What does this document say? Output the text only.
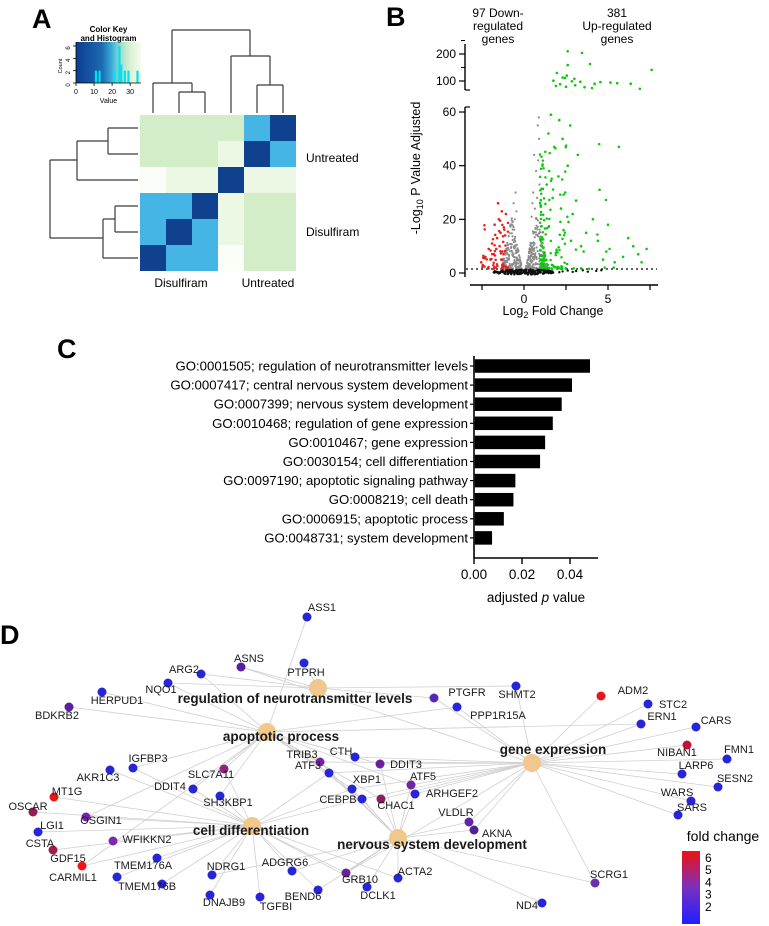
A	B
C
D
0 10 20 30
Value
0
2
4
6
Count
Color Key
and Histogram
Untreated
Disulfiram
Disulfiram	Untreated
0
20
40
60
100
200
0	5
-Log$_{10}$ P Value Adjusted
Log$_2$ Fold Change
97 Down-
regulated
genes
381
Up-regulated
genes
0.00 0.02 0.04
adjusted p value
GO:0001505; regulation of neurotransmitter levels
GO:0007417; central nervous system development
GO:0007399; nervous system development
GO:0010468; regulation of gene expression
GO:0010467; gene expression
GO:0030154; cell differentiation
GO:0097190; apoptotic signaling pathway
GO:0008219; cell death
GO:0006915; apoptotic process
GO:0048731; system development
regulation of neurotransmitter levels
apoptotic process
cell differentiation
gene expression
nervous system development
ASS1
ASNS
ARG2	PTPRH
NQO1
HERPUD1
BDKRB2
IGFBP3
AKR1C3
MT1G
OSCAR
OSGIN1
LGI1
WFIKKN2
CSTA
GDF15
CARMIL1
TMEM176A
TMEM176B
SLC7A11
DDIT4
SH3KBP1
TRIB3 CTH
ATF3	DDIT3
XBP1
CEBPB CHAC1
ATF5
ARHGEF2
VLDLR
AKNA
PTGFR SHMT2
PPP1R15A
ADM2
STC2
ERN1 CARS
NIBAN1 FMN1
LARP6
SESN2
WARS
SARS
NDRG1 ADGRG6
GRB10
ACTA2
DNAJB9 TGFBI
BEND6	DCLK1
ND4
SCRG1
fold change
6
5
4
3
2
